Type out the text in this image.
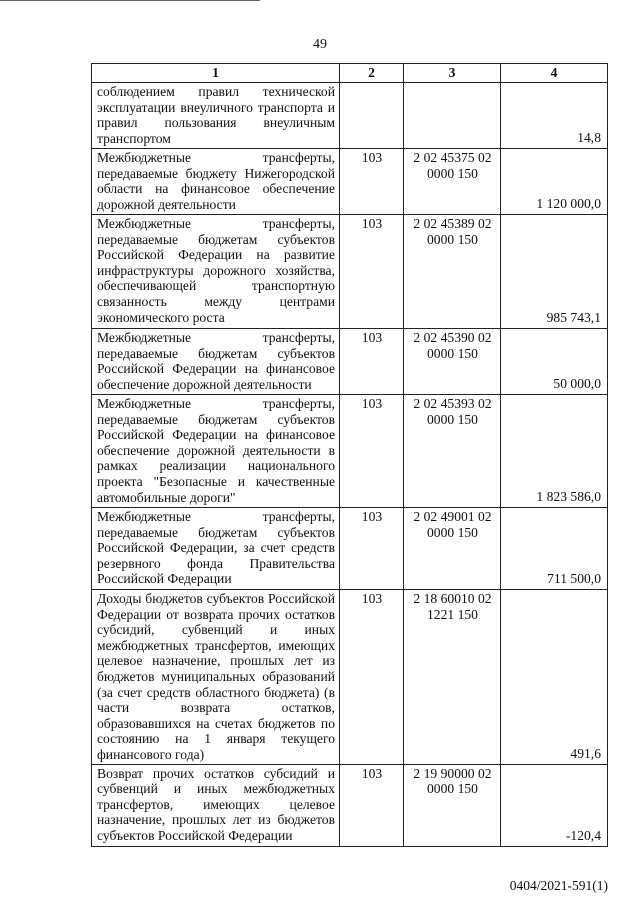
49
1	2	3	4
соблюдением правил технической эксплуатации внеуличного транспорта и правил пользования внеуличным транспортом			14,8
Межбюджетные трансферты, передаваемые бюджету Нижегородской области на финансовое обеспечение дорожной деятельности	103	2 02 45375 02 0000 150	1 120 000,0
Межбюджетные трансферты, передаваемые бюджетам субъектов Российской Федерации на развитие инфраструктуры дорожного хозяйства, обеспечивающей транспортную связанность между центрами экономического роста	103	2 02 45389 02 0000 150	985 743,1
Межбюджетные трансферты, передаваемые бюджетам субъектов Российской Федерации на финансовое обеспечение дорожной деятельности	103	2 02 45390 02 0000 150	50 000,0
Межбюджетные трансферты, передаваемые бюджетам субъектов Российской Федерации на финансовое обеспечение дорожной деятельности в рамках реализации национального проекта "Безопасные и качественные автомобильные дороги"	103	2 02 45393 02 0000 150	1 823 586,0
Межбюджетные трансферты, передаваемые бюджетам субъектов Российской Федерации, за счет средств резервного фонда Правительства Российской Федерации	103	2 02 49001 02 0000 150	711 500,0
Доходы бюджетов субъектов Российской Федерации от возврата прочих остатков субсидий, субвенций и иных межбюджетных трансфертов, имеющих целевое назначение, прошлых лет из бюджетов муниципальных образований (за счет средств областного бюджета) (в части возврата остатков, образовавшихся на счетах бюджетов по состоянию на 1 января текущего финансового года)	103	2 18 60010 02 1221 150	491,6
Возврат прочих остатков субсидий и субвенций и иных межбюджетных трансфертов, имеющих целевое назначение, прошлых лет из бюджетов субъектов Российской Федерации	103	2 19 90000 02 0000 150	-120,4
0404/2021-591(1)
